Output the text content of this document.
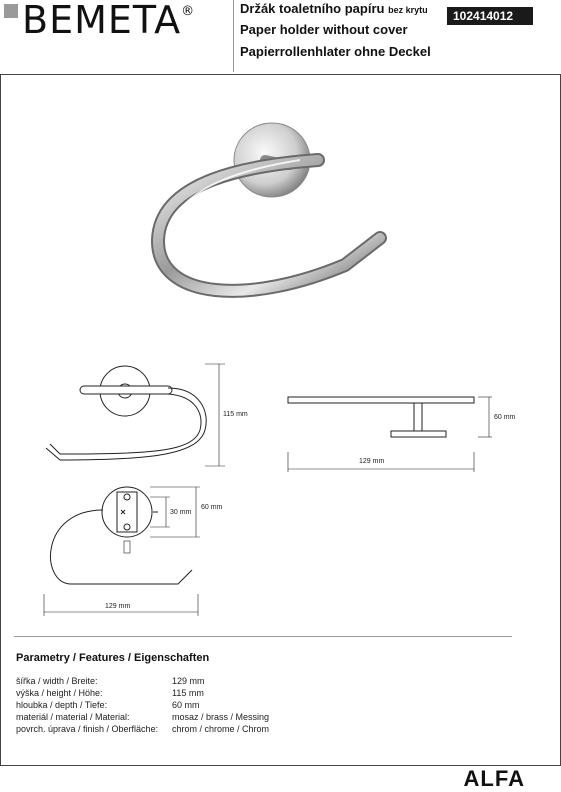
BEMETA®	Držák toaletního papíru bez krytu
Paper holder without cover
Papierrollenhlater ohne Deckel
102414012
115 mm	60 mm
129 mm
60 mm
30 mm
129 mm
Parametry / Features / Eigenschaften
šířka / width / Breite:	129 mm
výška / height / Höhe:	115 mm
hloubka / depth / Tiefe:	60 mm
materiál / material / Material:	mosaz / brass / Messing
povrch. úprava / finish / Oberfläche: chrom / chrome / Chrom
ALFA
